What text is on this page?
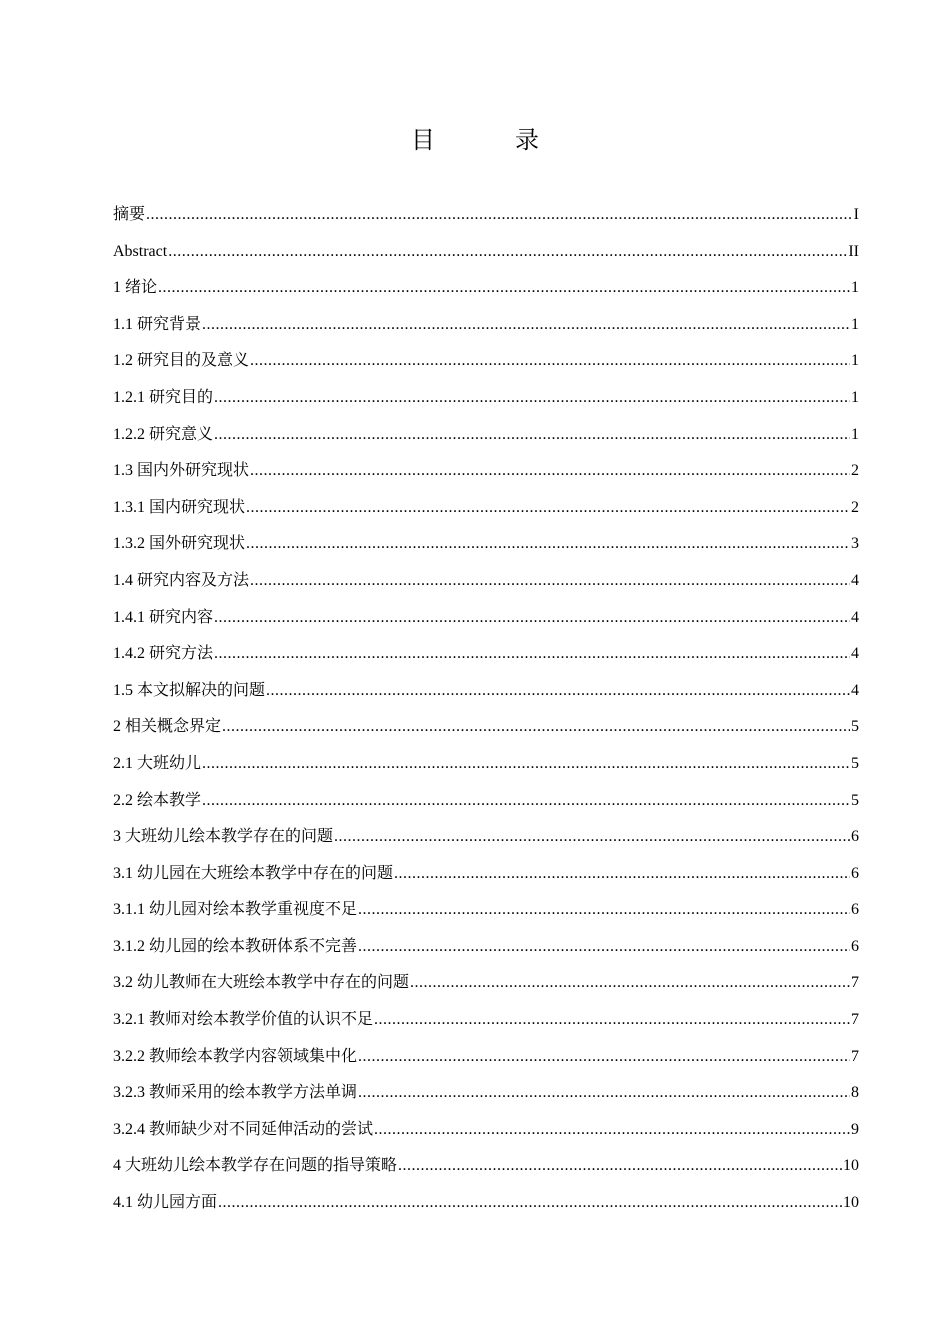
目　录
摘要 .....	I
Abstract .....	II
1 绪论 .....	1
1.1 研究背景 .....	1
1.2 研究目的及意义 .....	1
1.2.1 研究目的 .....	1
1.2.2 研究意义 .....	1
1.3 国内外研究现状 .....	2
1.3.1 国内研究现状 .....	2
1.3.2 国外研究现状 .....	3
1.4 研究内容及方法 .....	4
1.4.1 研究内容 .....	4
1.4.2 研究方法 .....	4
1.5 本文拟解决的问题 .....	4
2 相关概念界定 .....	5
2.1 大班幼儿 .....	5
2.2 绘本教学 .....	5
3 大班幼儿绘本教学存在的问题 .....	6
3.1 幼儿园在大班绘本教学中存在的问题 .....	6
3.1.1 幼儿园对绘本教学重视度不足 .....	6
3.1.2 幼儿园的绘本教研体系不完善 .....	6
3.2 幼儿教师在大班绘本教学中存在的问题 .....	7
3.2.1 教师对绘本教学价值的认识不足 .....	7
3.2.2 教师绘本教学内容领域集中化 .....	7
3.2.3 教师采用的绘本教学方法单调 .....	8
3.2.4 教师缺少对不同延伸活动的尝试 .....	9
4 大班幼儿绘本教学存在问题的指导策略 .....	10
4.1 幼儿园方面 .....	10
